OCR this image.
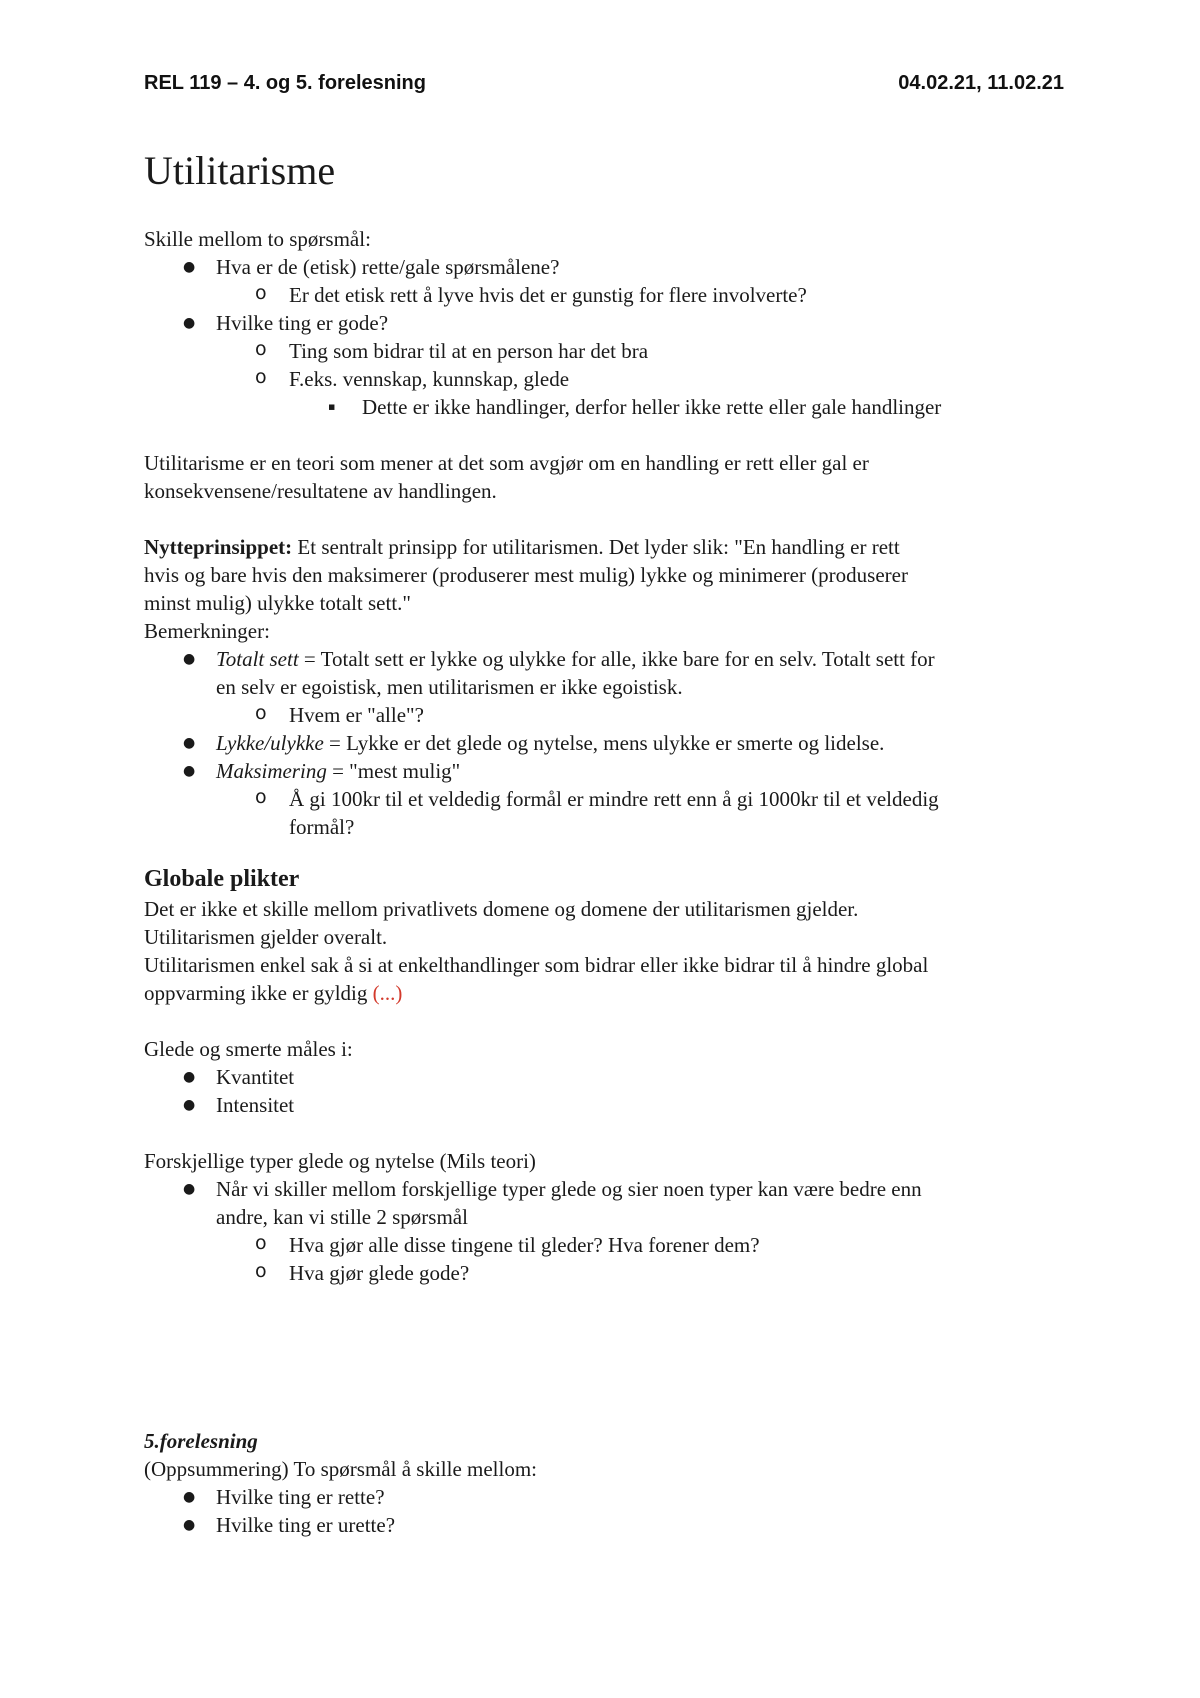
REL 119 – 4. og 5. forelesning	04.02.21, 11.02.21
Utilitarisme

Skille mellom to spørsmål:

● Hva er de (etisk) rette/gale spørsmålene?
o Er det etisk rett å lyve hvis det er gunstig for flere involverte?
● Hvilke ting er gode?
o Ting som bidrar til at en person har det bra
o F.eks. vennskap, kunnskap, glede
▪ Dette er ikke handlinger, derfor heller ikke rette eller gale handlinger

Utilitarisme er en teori som mener at det som avgjør om en handling er rett eller gal er

konsekvensene/resultatene av handlingen.

Nytteprinsippet: Et sentralt prinsipp for utilitarismen. Det lyder slik: "En handling er rett

hvis og bare hvis den maksimerer (produserer mest mulig) lykke og minimerer (produserer

minst mulig) ulykke totalt sett."

Bemerkninger:

● Totalt sett = Totalt sett er lykke og ulykke for alle, ikke bare for en selv. Totalt sett for
en selv er egoistisk, men utilitarismen er ikke egoistisk.
o Hvem er "alle"?
● Lykke/ulykke = Lykke er det glede og nytelse, mens ulykke er smerte og lidelse.
● Maksimering = "mest mulig"
o Å gi 100kr til et veldedig formål er mindre rett enn å gi 1000kr til et veldedig
formål?
Globale plikter

Det er ikke et skille mellom privatlivets domene og domene der utilitarismen gjelder.

Utilitarismen gjelder overalt.

Utilitarismen enkel sak å si at enkelthandlinger som bidrar eller ikke bidrar til å hindre global

oppvarming ikke er gyldig (...)

Glede og smerte måles i:

● Kvantitet
● Intensitet

Forskjellige typer glede og nytelse (Mils teori)

● Når vi skiller mellom forskjellige typer glede og sier noen typer kan være bedre enn
andre, kan vi stille 2 spørsmål
o Hva gjør alle disse tingene til gleder? Hva forener dem?
o Hva gjør glede gode?

5.forelesning

(Oppsummering) To spørsmål å skille mellom:

● Hvilke ting er rette?
● Hvilke ting er urette?
